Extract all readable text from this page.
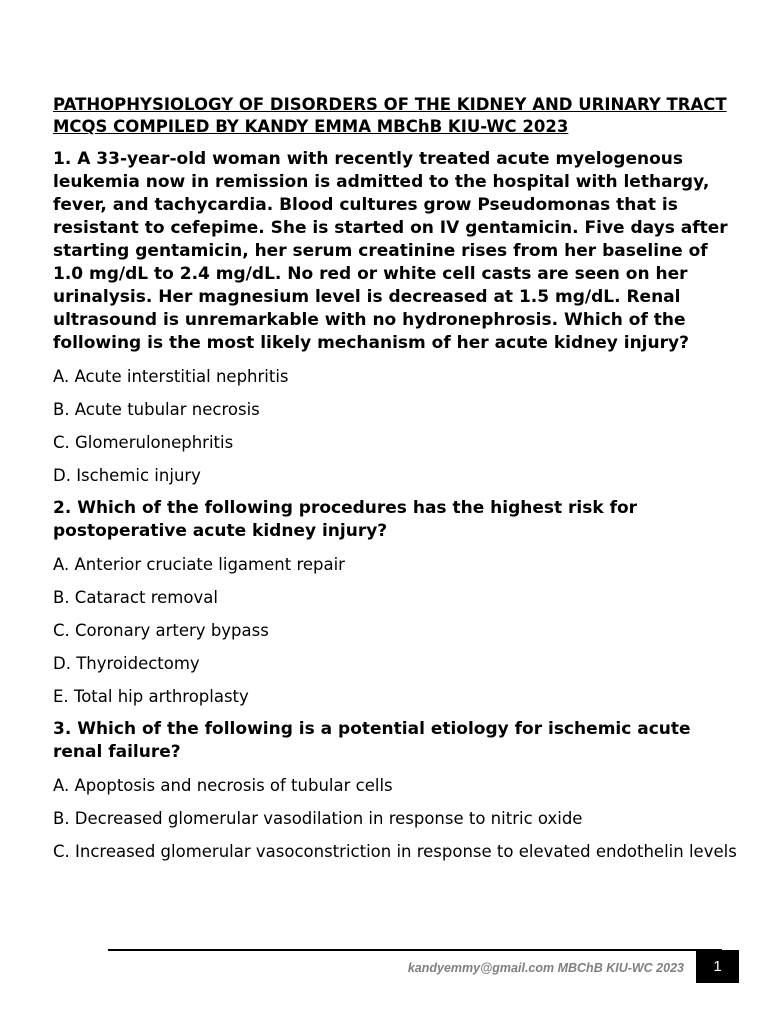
PATHOPHYSIOLOGY OF DISORDERS OF THE KIDNEY AND URINARY TRACT MCQS COMPILED BY KANDY EMMA MBChB KIU-WC 2023

1. A 33-year-old woman with recently treated acute myelogenous leukemia now in remission is admitted to the hospital with lethargy, fever, and tachycardia. Blood cultures grow Pseudomonas that is resistant to cefepime. She is started on IV gentamicin. Five days after starting gentamicin, her serum creatinine rises from her baseline of 1.0 mg/dL to 2.4 mg/dL. No red or white cell casts are seen on her urinalysis. Her magnesium level is decreased at 1.5 mg/dL. Renal ultrasound is unremarkable with no hydronephrosis. Which of the following is the most likely mechanism of her acute kidney injury?

A. Acute interstitial nephritis

B. Acute tubular necrosis

C. Glomerulonephritis

D. Ischemic injury

2. Which of the following procedures has the highest risk for postoperative acute kidney injury?

A. Anterior cruciate ligament repair

B. Cataract removal

C. Coronary artery bypass

D. Thyroidectomy

E. Total hip arthroplasty

3. Which of the following is a potential etiology for ischemic acute renal failure?

A. Apoptosis and necrosis of tubular cells

B. Decreased glomerular vasodilation in response to nitric oxide

C. Increased glomerular vasoconstriction in response to elevated endothelin levels

kandyemmy@gmail.com MBChB KIU-WC 2023	1
